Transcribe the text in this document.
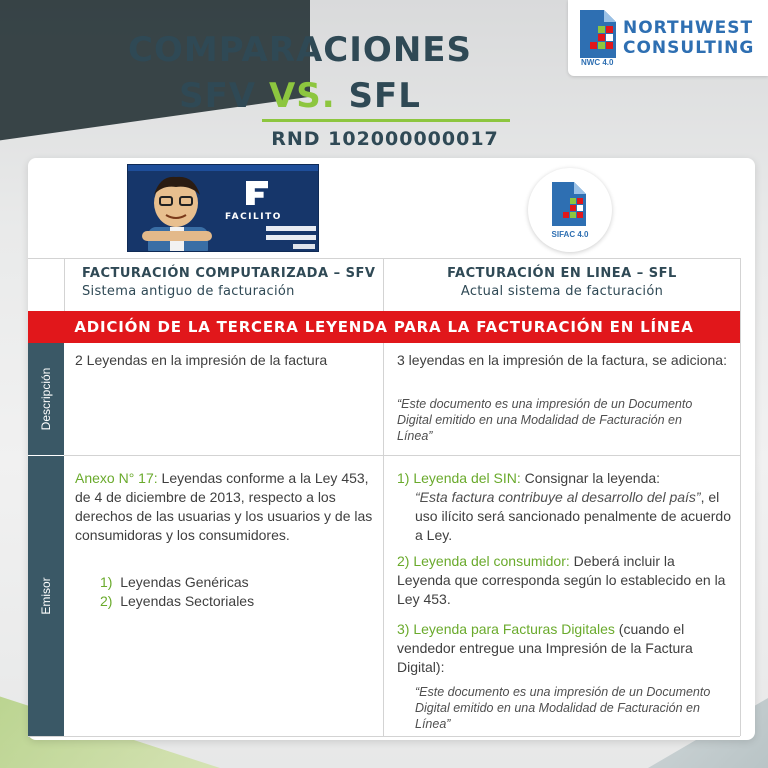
COMPARACIONES
SFV VS. SFL
RND 102000000017
NORTHWEST
CONSULTING
NWC 4.0
FACILITO
SIFAC 4.0
FACTURACIÓN COMPUTARIZADA – SFV
Sistema antiguo de facturación
FACTURACIÓN EN LINEA – SFL
Actual sistema de facturación
ADICIÓN DE LA TERCERA LEYENDA PARA LA FACTURACIÓN EN LÍNEA
Descripción
2 Leyendas en la impresión de la factura	3 leyendas en la impresión de la factura, se adiciona:
“Este documento es una impresión de un Documento Digital emitido en una Modalidad de Facturación en Línea”
Emisor
Anexo N° 17: Leyendas conforme a la Ley 453, de 4 de diciembre de 2013, respecto a los derechos de las usuarias y los usuarios y de las consumidoras y los consumidores.
1) Leyendas Genéricas
2) Leyendas Sectoriales
1) Leyenda del SIN: Consignar la leyenda:
“Esta factura contribuye al desarrollo del país”, el uso ilícito será sancionado penalmente de acuerdo a Ley.
2) Leyenda del consumidor: Deberá incluir la Leyenda que corresponda según lo establecido en la Ley 453.
3) Leyenda para Facturas Digitales (cuando el vendedor entregue una Impresión de la Factura Digital):
“Este documento es una impresión de un Documento Digital emitido en una Modalidad de Facturación en Línea”
